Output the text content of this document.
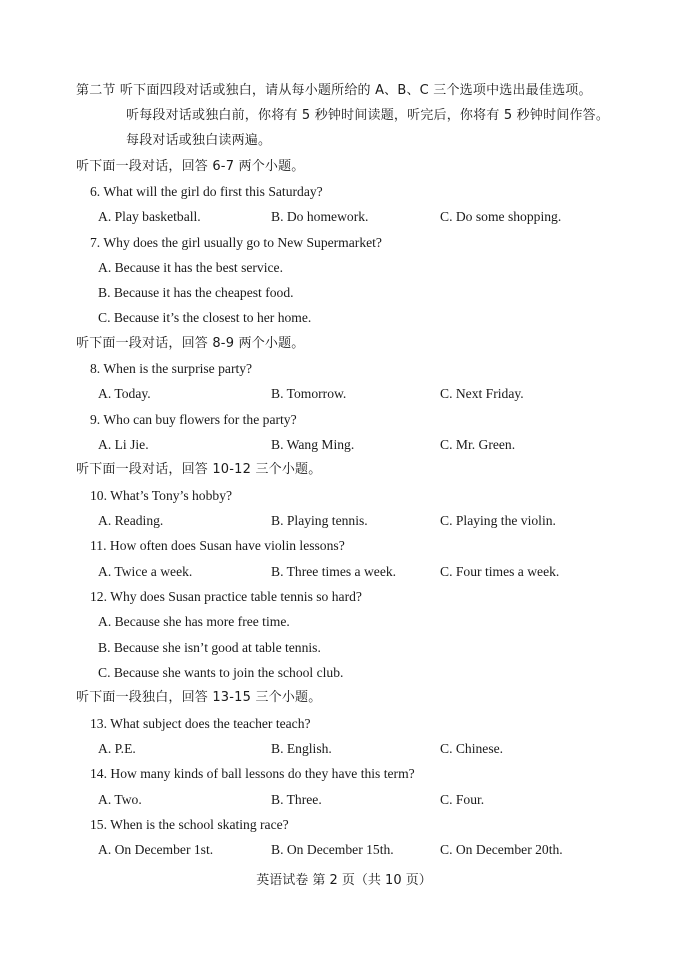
第二节 听下面四段对话或独白，请从每小题所给的 A、B、C 三个选项中选出最佳选项。
听每段对话或独白前，你将有 5 秒钟时间读题，听完后，你将有 5 秒钟时间作答。
每段对话或独白读两遍。
听下面一段对话，回答 6-7 两个小题。
6. What will the girl do first this Saturday?
A. Play basketball.	B. Do homework.	C. Do some shopping.
7. Why does the girl usually go to New Supermarket?
A. Because it has the best service.
B. Because it has the cheapest food.
C. Because it’s the closest to her home.
听下面一段对话，回答 8-9 两个小题。
8. When is the surprise party?
A. Today.	B. Tomorrow.	C. Next Friday.
9. Who can buy flowers for the party?
A. Li Jie.	B. Wang Ming.	C. Mr. Green.
听下面一段对话，回答 10-12 三个小题。
10. What’s Tony’s hobby?
A. Reading.	B. Playing tennis.	C. Playing the violin.
11. How often does Susan have violin lessons?
A. Twice a week.	B. Three times a week.	C. Four times a week.
12. Why does Susan practice table tennis so hard?
A. Because she has more free time.
B. Because she isn’t good at table tennis.
C. Because she wants to join the school club.
听下面一段独白，回答 13-15 三个小题。
13. What subject does the teacher teach?
A. P.E.	B. English.	C. Chinese.
14. How many kinds of ball lessons do they have this term?
A. Two.	B. Three.	C. Four.
15. When is the school skating race?
A. On December 1st.	B. On December 15th.	C. On December 20th.
英语试卷 第 2 页（共 10 页）
